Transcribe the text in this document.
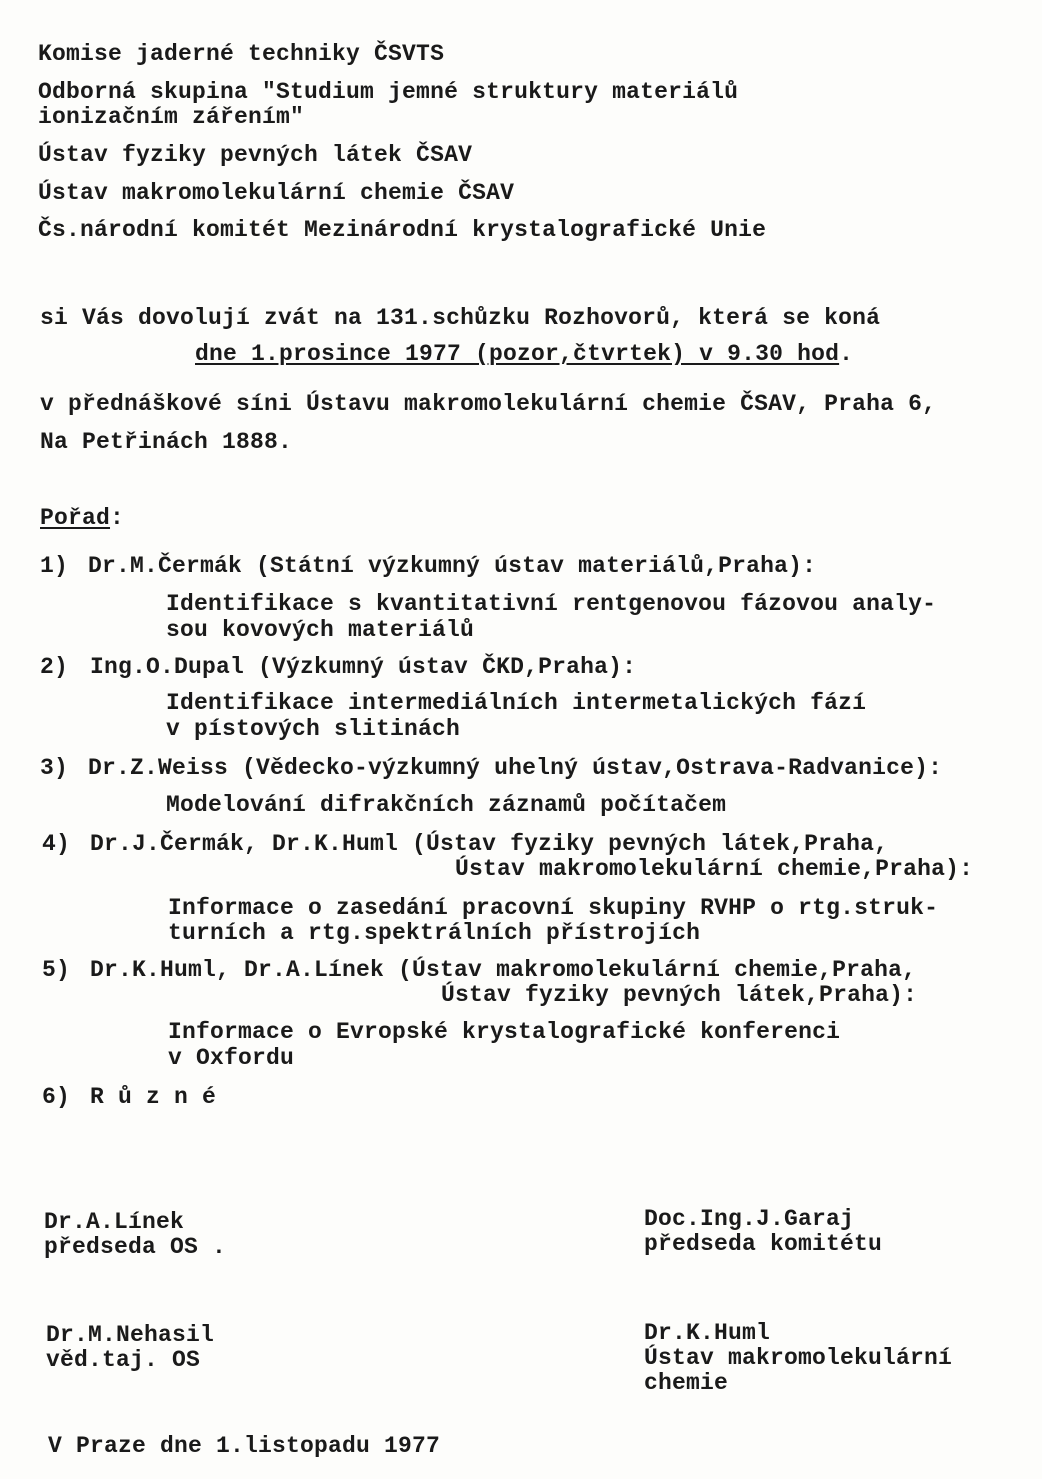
Komise jaderné techniky ČSVTS
Odborná skupina "Studium jemné struktury materiálů
ionizačním zářením"
Ústav fyziky pevných látek ČSAV
Ústav makromolekulární chemie ČSAV
Čs.národní komitét Mezinárodní krystalografické Unie
si Vás dovolují zvát na 131.schůzku Rozhovorů, která se koná
dne 1.prosince 1977 (pozor,čtvrtek) v 9.30 hod.
v přednáškové síni Ústavu makromolekulární chemie ČSAV, Praha 6,
Na Petřinách 1888.
Pořad:
1) Dr.M.Čermák (Státní výzkumný ústav materiálů,Praha):
Identifikace s kvantitativní rentgenovou fázovou analy-
sou kovových materiálů
2) Ing.O.Dupal (Výzkumný ústav ČKD,Praha):
Identifikace intermediálních intermetalických fází
v pístových slitinách
3) Dr.Z.Weiss (Vědecko-výzkumný uhelný ústav,Ostrava-Radvanice):
Modelování difrakčních záznamů počítačem
4) Dr.J.Čermák, Dr.K.Huml (Ústav fyziky pevných látek,Praha,
Ústav makromolekulární chemie,Praha):
Informace o zasedání pracovní skupiny RVHP o rtg.struk-
turních a rtg.spektrálních přístrojích
5) Dr.K.Huml, Dr.A.Línek (Ústav makromolekulární chemie,Praha,
Ústav fyziky pevných látek,Praha):
Informace o Evropské krystalografické konferenci
v Oxfordu
6) R ů z n é
Dr.A.Línek
předseda OS .
Doc.Ing.J.Garaj
předseda komitétu
Dr.M.Nehasil
věd.taj. OS
Dr.K.Huml
Ústav makromolekulární
chemie
V Praze dne 1.listopadu 1977
